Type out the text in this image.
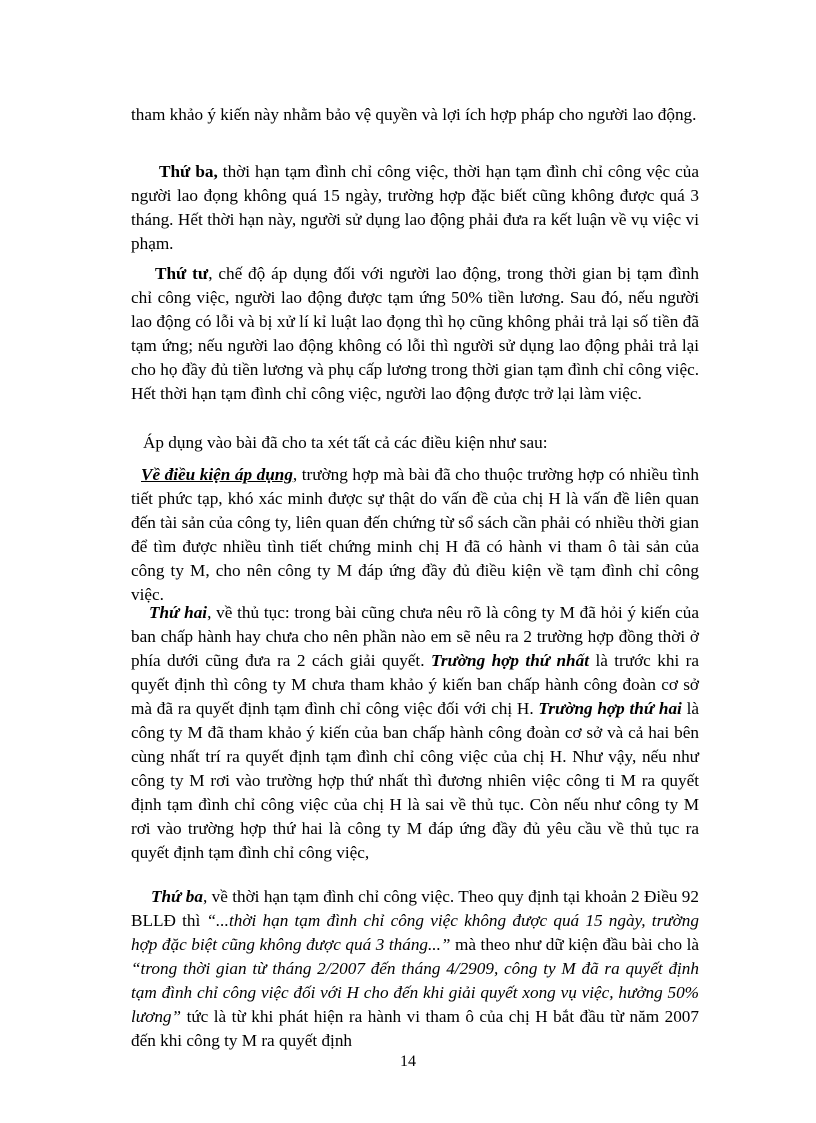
tham khảo ý kiến này nhằm bảo vệ quyền và lợi ích hợp pháp cho người lao động.

Thứ ba, thời hạn tạm đình chỉ công việc, thời hạn tạm đình chỉ công vệc của người lao đọng không quá 15 ngày, trường hợp đặc biết cũng không được quá 3 tháng. Hết thời hạn này, người sử dụng lao động phải đưa ra kết luận về vụ việc vi phạm.

Thứ tư, chế độ áp dụng đối với người lao động, trong thời gian bị tạm đình chỉ công việc, người lao động được tạm ứng 50% tiền lương. Sau đó, nếu người lao động có lỗi và bị xử lí kỉ luật lao đọng thì họ cũng không phải trả lại số tiền đã tạm ứng; nếu người lao động không có lỗi thì người sử dụng lao động phải trả lại cho họ đầy đủ tiền lương và phụ cấp lương trong thời gian tạm đình chỉ công việc. Hết thời hạn tạm đình chỉ công việc, người lao động được trở lại làm việc.

Áp dụng vào bài đã cho ta xét tất cả các điều kiện như sau:

Về điều kiện áp dụng, trường hợp mà bài đã cho thuộc trường hợp có nhiều tình tiết phức tạp, khó xác minh được sự thật do vấn đề của chị H là vấn đề liên quan đến tài sản của công ty, liên quan đến chứng từ sổ sách cần phải có nhiều thời gian để tìm được nhiều tình tiết chứng minh chị H đã có hành vi tham ô tài sản của công ty M, cho nên công ty M đáp ứng đầy đủ điều kiện về tạm đình chỉ công việc.

Thứ hai, về thủ tục: trong bài cũng chưa nêu rõ là công ty M đã hỏi ý kiến của ban chấp hành hay chưa cho nên phần nào em sẽ nêu ra 2 trường hợp đồng thời ở phía dưới cũng đưa ra 2 cách giải quyết. Trường hợp thứ nhất là trước khi ra quyết định thì công ty M chưa tham khảo ý kiến ban chấp hành công đoàn cơ sở mà đã ra quyết định tạm đình chỉ công việc đối với chị H. Trường hợp thứ hai là công ty M đã tham khảo ý kiến của ban chấp hành công đoàn cơ sở và cả hai bên cùng nhất trí ra quyết định tạm đình chỉ công việc của chị H. Như vậy, nếu như công ty M rơi vào trường hợp thứ nhất thì đương nhiên việc công ti M ra quyết định tạm đình chỉ công việc của chị H là sai về thủ tục. Còn nếu như công ty M rơi vào trường hợp thứ hai là công ty M đáp ứng đầy đủ yêu cầu về thủ tục ra quyết định tạm đình chỉ công việc,

Thứ ba, về thời hạn tạm đình chỉ công việc. Theo quy định tại khoản 2 Điều 92 BLLĐ thì “...thời hạn tạm đình chỉ công việc không được quá 15 ngày, trường hợp đặc biệt cũng không được quá 3 tháng...” mà theo như dữ kiện đầu bài cho là “trong thời gian từ tháng 2/2007 đến tháng 4/2909, công ty M đã ra quyết định tạm đình chỉ công việc đối với H cho đến khi giải quyết xong vụ việc, hưởng 50% lương” tức là từ khi phát hiện ra hành vi tham ô của chị H bắt đầu từ năm 2007 đến khi công ty M ra quyết định

14
